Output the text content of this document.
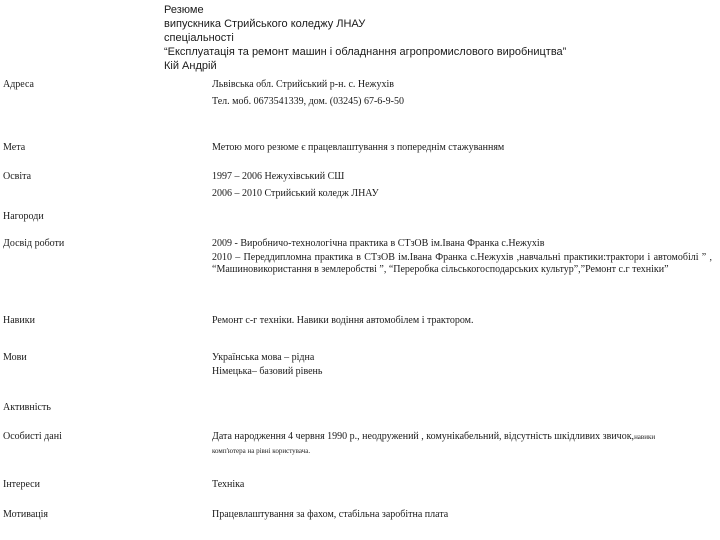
Резюме
випускника Стрийського коледжу ЛНАУ
спеціальності
“Експлуатація та ремонт машин і обладнання агропромислового виробництва”
Кій Андрій
Адреса	Львівська обл. Стрийський р-н. с. Нежухів
Тел. моб. 0673541339, дом. (03245) 67-6-9-50
Мета	Метою мого резюме є працевлаштування з попереднім стажуванням
Освіта	1997 – 2006 Нежухівський СШ
2006 – 2010 Стрийський коледж ЛНАУ
Нагороди
Досвід роботи	2009 - Виробничо-технологічна практика в СТзОВ ім.Івана Франка с.Нежухів
2010 – Переддипломна практика в СТзОВ ім.Івана Франка с.Нежухів ,навчальні практики:трактори і автомобілі ” , “Машиновикористання в землеробстві ”, “Переробка сільськогосподарських культур”,”Ремонт с.г техніки”
Навики	Ремонт с-г техніки. Навики водіння автомобілем і трактором.
Мови	Українська мова – рідна
Німецька– базовий рівень
Активність
Особисті дані	Дата народження 4 червня 1990 р., неодружений , комунікабельний, відсутність шкідливих звичок,навики
комп'ютера на рівні користувача.
Інтереси	Техніка
Мотивація	Працевлаштування за фахом, стабільна заробітна плата
